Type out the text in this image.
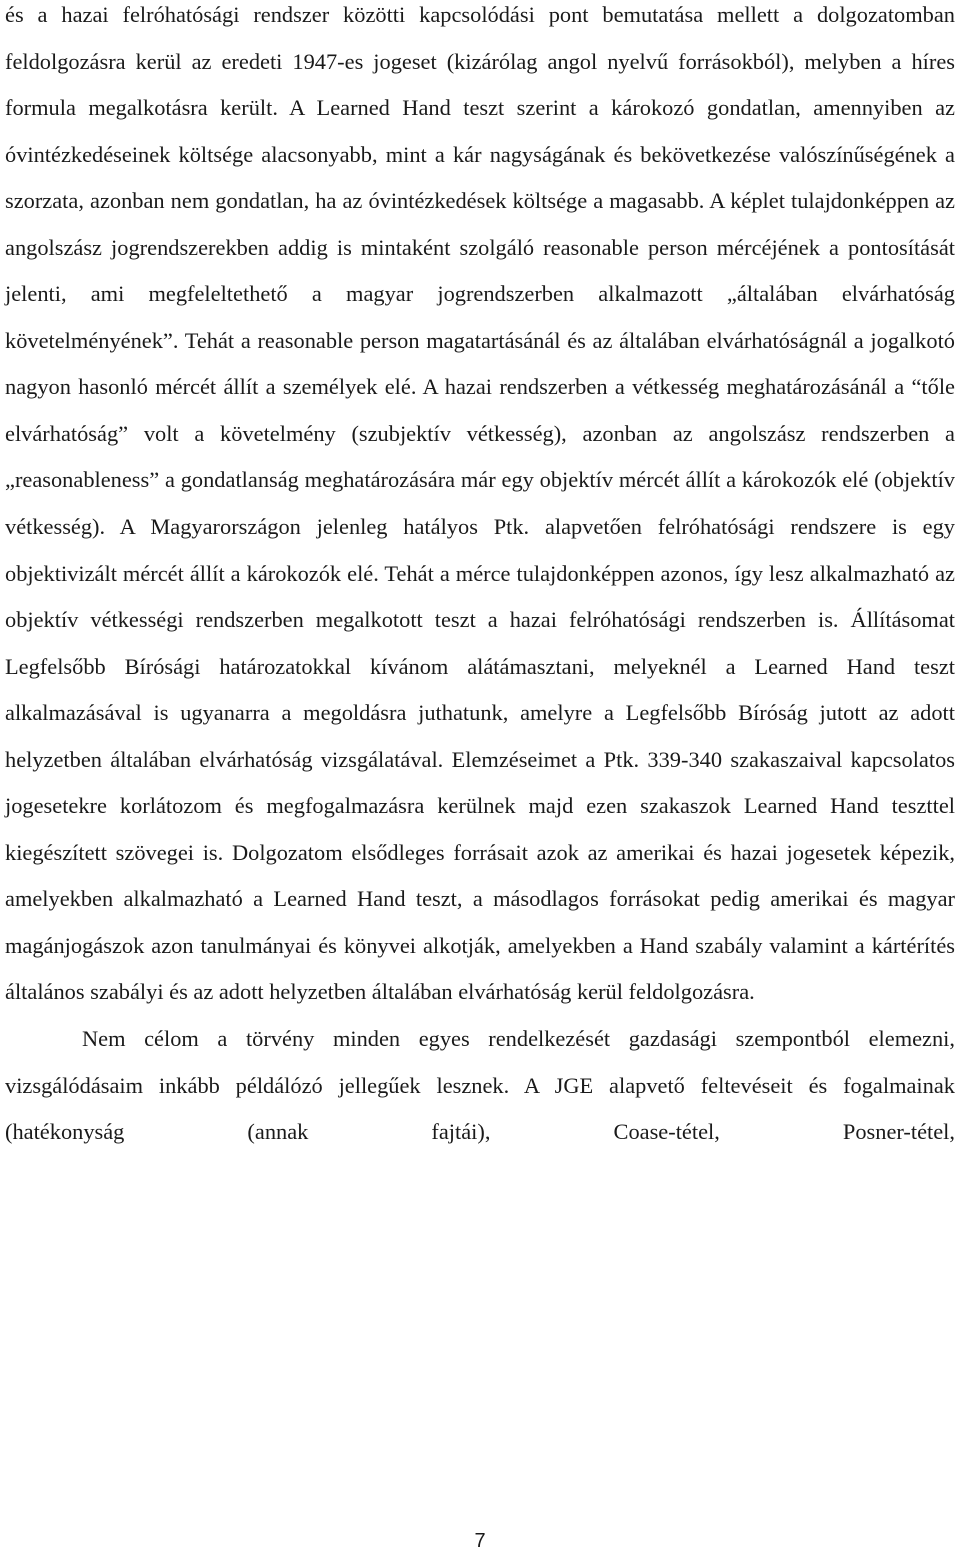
és a hazai felróhatósági rendszer közötti kapcsolódási pont bemutatása mellett a dolgozatomban feldolgozásra kerül az eredeti 1947-es jogeset (kizárólag angol nyelvű forrásokból), melyben a híres formula megalkotásra került. A Learned Hand teszt szerint a károkozó gondatlan, amennyiben az óvintézkedéseinek költsége alacsonyabb, mint a kár nagyságának és bekövetkezése valószínűségének a szorzata, azonban nem gondatlan, ha az óvintézkedések költsége a magasabb. A képlet tulajdonképpen az angolszász jogrendszerekben addig is mintaként szolgáló reasonable person mércéjének a pontosítását jelenti, ami megfeleltethető a magyar jogrendszerben alkalmazott „általában elvárhatóság követelményének”. Tehát a reasonable person magatartásánál és az általában elvárhatóságnál a jogalkotó nagyon hasonló mércét állít a személyek elé. A hazai rendszerben a vétkesség meghatározásánál a “tőle elvárhatóság” volt a követelmény (szubjektív vétkesség), azonban az angolszász rendszerben a „reasonableness” a gondatlanság meghatározására már egy objektív mércét állít a károkozók elé (objektív vétkesség). A Magyarországon jelenleg hatályos Ptk. alapvetően felróhatósági rendszere is egy objektivizált mércét állít a károkozók elé. Tehát a mérce tulajdonképpen azonos, így lesz alkalmazható az objektív vétkességi rendszerben megalkotott teszt a hazai felróhatósági rendszerben is. Állításomat Legfelsőbb Bírósági határozatokkal kívánom alátámasztani, melyeknél a Learned Hand teszt alkalmazásával is ugyanarra a megoldásra juthatunk, amelyre a Legfelsőbb Bíróság jutott az adott helyzetben általában elvárhatóság vizsgálatával. Elemzéseimet a Ptk. 339-340 szakaszaival kapcsolatos jogesetekre korlátozom és megfogalmazásra kerülnek majd ezen szakaszok Learned Hand teszttel kiegészített szövegei is. Dolgozatom elsődleges forrásait azok az amerikai és hazai jogesetek képezik, amelyekben alkalmazható a Learned Hand teszt, a másodlagos forrásokat pedig amerikai és magyar magánjogászok azon tanulmányai és könyvei alkotják, amelyekben a Hand szabály valamint a kártérítés általános szabályi és az adott helyzetben általában elvárhatóság kerül feldolgozásra.

Nem célom a törvény minden egyes rendelkezését gazdasági szempontból elemezni, vizsgálódásaim inkább példálózó jellegűek lesznek. A JGE alapvető feltevéseit és fogalmainak (hatékonyság (annak fajtái), Coase-tétel, Posner-tétel,

7
